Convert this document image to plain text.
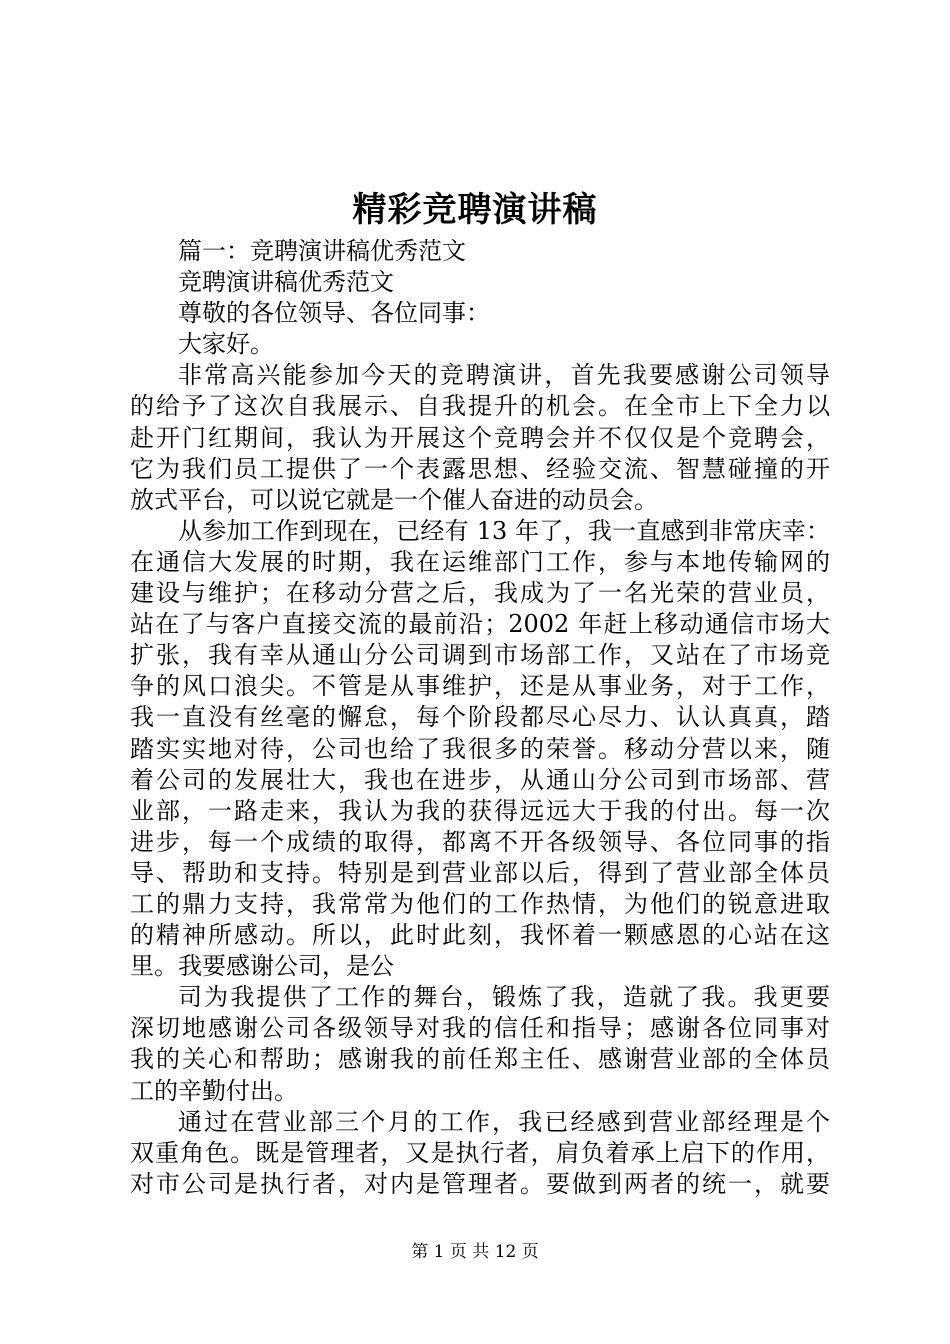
精彩竞聘演讲稿
篇一：竞聘演讲稿优秀范文
竞聘演讲稿优秀范文
尊敬的各位领导、各位同事：
大家好。
非常高兴能参加今天的竞聘演讲，首先我要感谢公司领导
的给予了这次自我展示、自我提升的机会。在全市上下全力以
赴开门红期间，我认为开展这个竞聘会并不仅仅是个竞聘会，
它为我们员工提供了一个表露思想、经验交流、智慧碰撞的开
放式平台，可以说它就是一个催人奋进的动员会。
从参加工作到现在，已经有 13 年了，我一直感到非常庆幸：
在通信大发展的时期，我在运维部门工作，参与本地传输网的
建设与维护；在移动分营之后，我成为了一名光荣的营业员，
站在了与客户直接交流的最前沿；2002 年赶上移动通信市场大
扩张，我有幸从通山分公司调到市场部工作，又站在了市场竞
争的风口浪尖。不管是从事维护，还是从事业务，对于工作，
我一直没有丝毫的懈怠，每个阶段都尽心尽力、认认真真，踏
踏实实地对待，公司也给了我很多的荣誉。移动分营以来，随
着公司的发展壮大，我也在进步，从通山分公司到市场部、营
业部，一路走来，我认为我的获得远远大于我的付出。每一次
进步，每一个成绩的取得，都离不开各级领导、各位同事的指
导、帮助和支持。特别是到营业部以后，得到了营业部全体员
工的鼎力支持，我常常为他们的工作热情，为他们的锐意进取
的精神所感动。所以，此时此刻，我怀着一颗感恩的心站在这
里。我要感谢公司，是公
司为我提供了工作的舞台，锻炼了我，造就了我。我更要
深切地感谢公司各级领导对我的信任和指导；感谢各位同事对
我的关心和帮助；感谢我的前任郑主任、感谢营业部的全体员
工的辛勤付出。
通过在营业部三个月的工作，我已经感到营业部经理是个
双重角色。既是管理者，又是执行者，肩负着承上启下的作用，
对市公司是执行者，对内是管理者。要做到两者的统一，就要
第 1 页 共 12 页
